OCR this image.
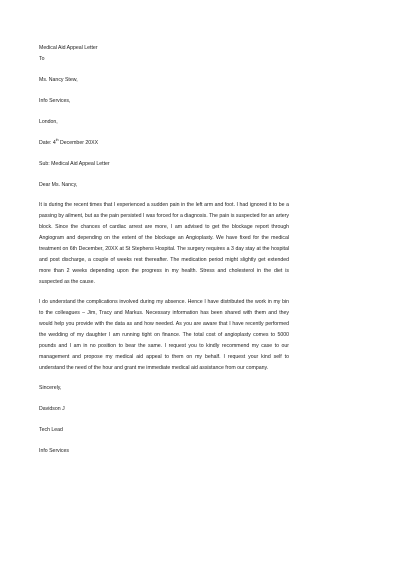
Medical Aid Appeal Letter
To
Ms. Nancy Stew,
Info Services,
London,
Date: 4th December 20XX
Sub: Medical Aid Appeal Letter
Dear Ms. Nancy,
It is during the recent times that I experienced a sudden pain in the left arm and foot. I had ignored it to be a passing by ailment, but as the pain persisted I was forced for a diagnosis. The pain is suspected for an artery block. Since the chances of cardiac arrest are more, I am advised to get the blockage report through Angiogram and depending on the extent of the blockage an Angioplasty. We have fixed for the medical treatment on 6th December, 20XX at St Stephens Hospital. The surgery requires a 3 day stay at the hospital and post discharge, a couple of weeks rest thereafter. The medication period might slightly get extended more than 2 weeks depending upon the progress in my health. Stress and cholesterol in the diet is suspected as the cause.
I do understand the complications involved during my absence. Hence I have distributed the work in my bin to the colleagues – Jim, Tracy and Markus. Necessary information has been shared with them and they would help you provide with the data as and how needed. As you are aware that I have recently performed the wedding of my daughter I am running tight on finance. The total cost of angioplasty comes to 5000 pounds and I am in no position to bear the same. I request you to kindly recommend my case to our management and propose my medical aid appeal to them on my behalf. I request your kind self to understand the need of the hour and grant me immediate medical aid assistance from our company.
Sincerely,
Davidson J
Tech Lead
Info Services
